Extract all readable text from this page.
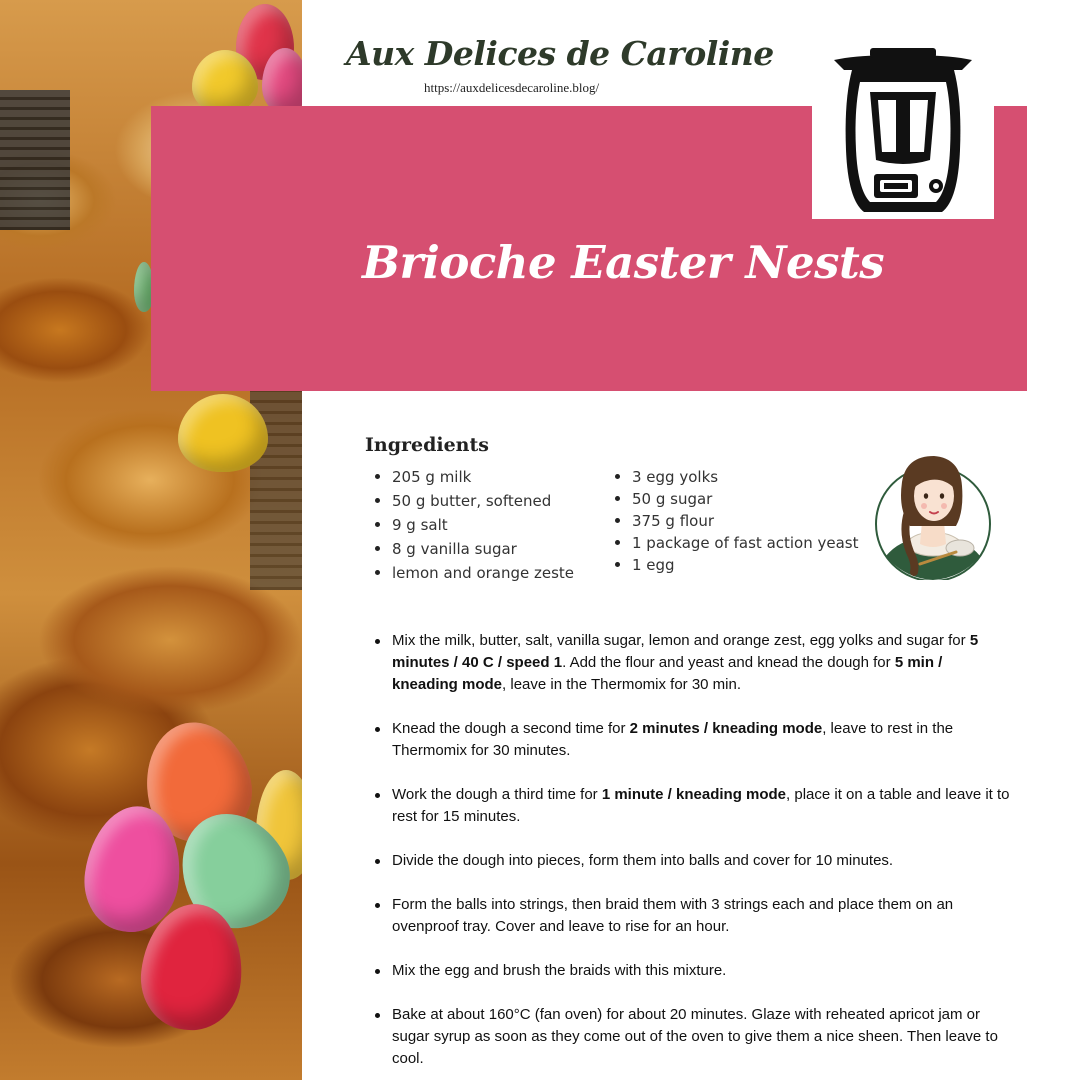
Aux Delices de Caroline
https://auxdelicesdecaroline.blog/
Brioche Easter Nests
Ingredients
205 g milk
50 g butter, softened
9 g salt
8 g vanilla sugar
lemon and orange zeste
3 egg yolks
50 g sugar
375 g flour
1 package of fast action yeast
1 egg
Mix the milk, butter, salt, vanilla sugar, lemon and orange zest, egg yolks and sugar for 5 minutes / 40 C / speed 1. Add the flour and yeast and knead the dough for 5 min / kneading mode, leave in the Thermomix for 30 min.
Knead the dough a second time for 2 minutes / kneading mode, leave to rest in the Thermomix for 30 minutes.
Work the dough a third time for 1 minute / kneading mode, place it on a table and leave it to rest for 15 minutes.
Divide the dough into pieces, form them into balls and cover for 10 minutes.
Form the balls into strings, then braid them with 3 strings each and place them on an ovenproof tray. Cover and leave to rise for an hour.
Mix the egg and brush the braids with this mixture.
Bake at about 160°C (fan oven) for about 20 minutes. Glaze with reheated apricot jam or sugar syrup as soon as they come out of the oven to give them a nice sheen. Then leave to cool.
